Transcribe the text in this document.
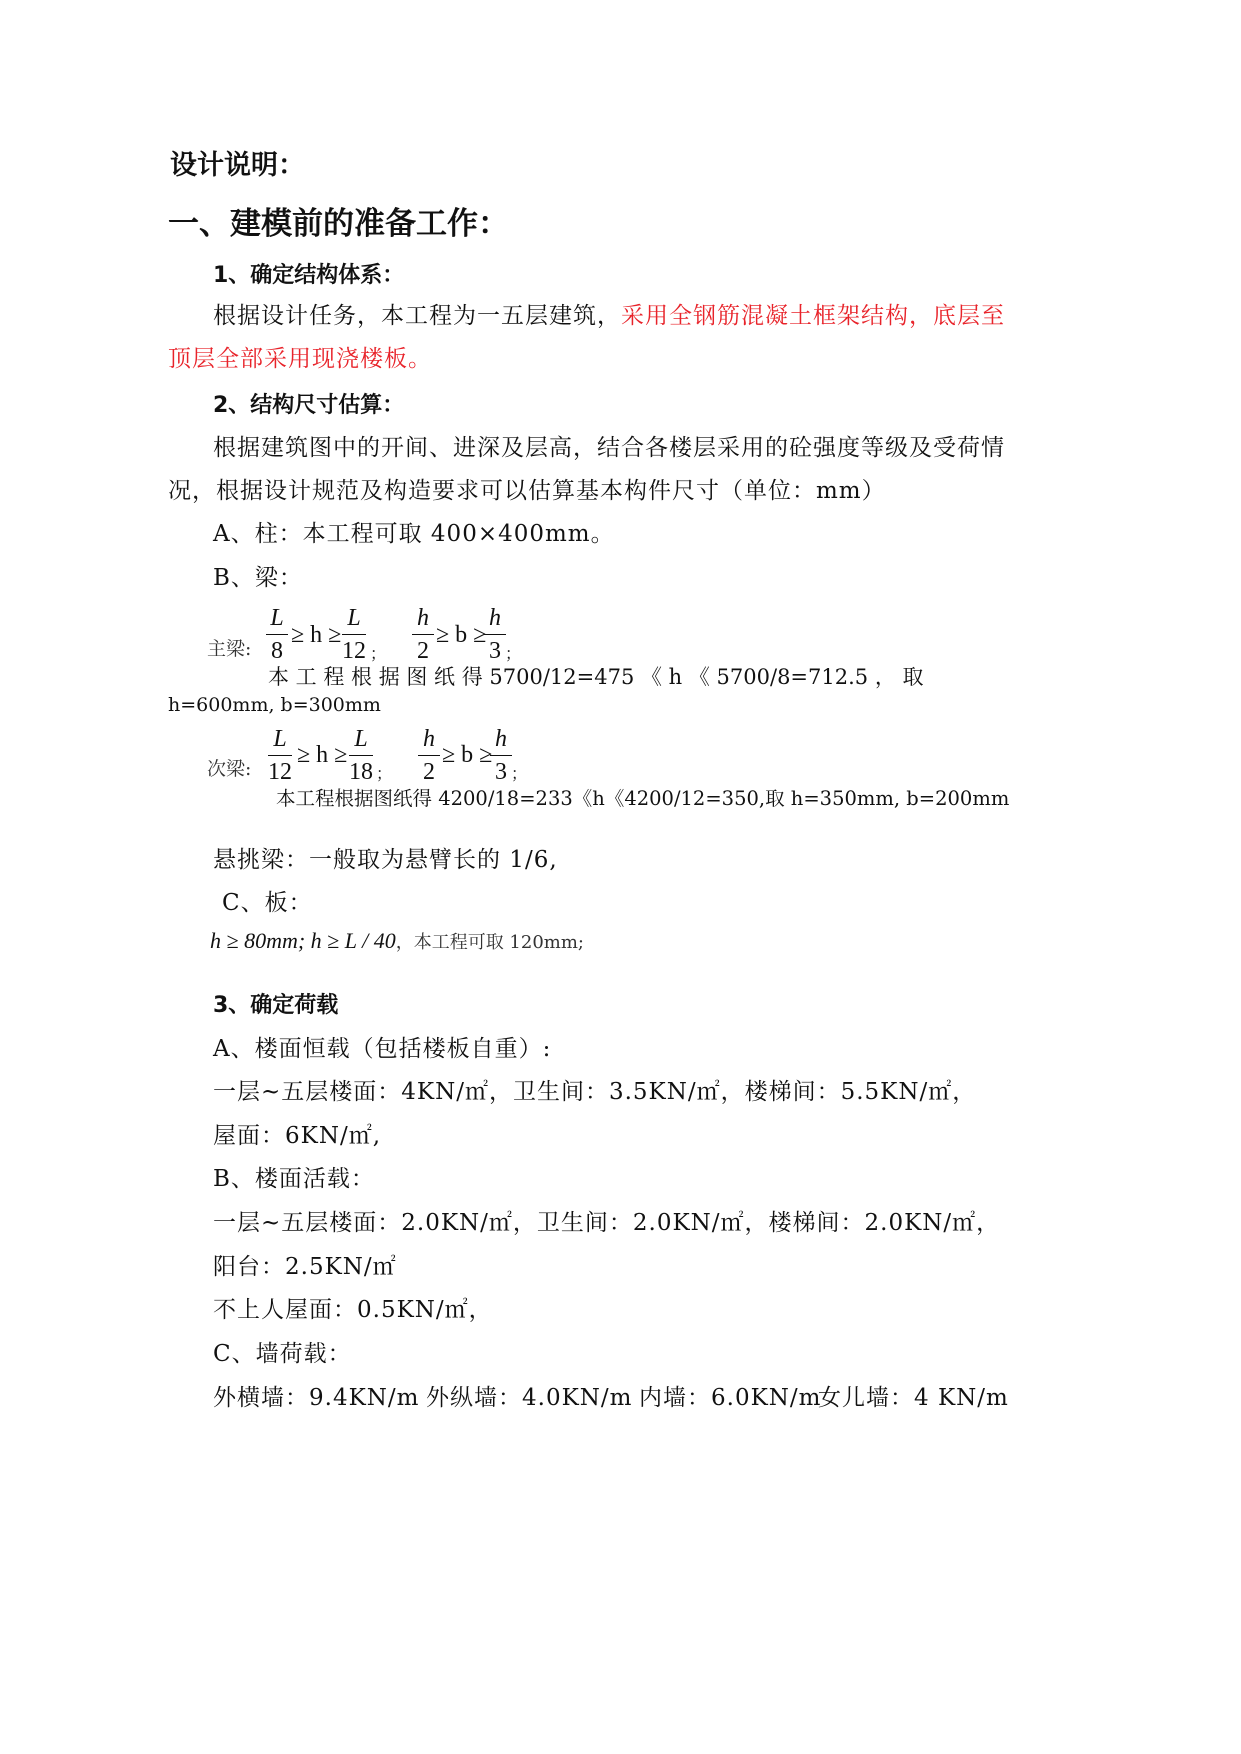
设计说明：
一、建模前的准备工作：
1、确定结构体系：
根据设计任务，本工程为一五层建筑，采用全钢筋混凝土框架结构，底层至
顶层全部采用现浇楼板。
2、结构尺寸估算：
根据建筑图中的开间、进深及层高，结合各楼层采用的砼强度等级及受荷情
况，根据设计规范及构造要求可以估算基本构件尺寸（单位：mm）
A、柱：本工程可取 400×400mm。
B、梁：
主梁: $\frac{L}{8} \ge h \ge \frac{L}{12}$ ； $\frac{h}{2} \ge b$ ≥
$\frac{h}{3}$ ；
本 工 程 根 据 图 纸 得 5700/12=475 《 h 《 5700/8=712.5 ， 取
h=600mm, b=300mm
次梁: $\frac{L}{12} \ge h \ge \frac{L}{18}$ ； $\frac{h}{2} \ge b$ ≥
$\frac{h}{3}$ ；
本工程根据图纸得 4200/18=233《h《4200/12=350,取 h=350mm, b=200mm
悬挑梁：一般取为悬臂长的 1/6,
C、板：
h ≥ 80mm; h ≥ L / 40，本工程可取 120mm;
3、确定荷载
A、楼面恒载（包括楼板自重）:
一层~五层楼面：4KN/㎡，卫生间：3.5KN/㎡，楼梯间：5.5KN/㎡，
屋面：6KN/㎡,
B、楼面活载：
一层~五层楼面：2.0KN/㎡，卫生间：2.0KN/㎡，楼梯间：2.0KN/㎡，
阳台：2.5KN/㎡
不上人屋面：0.5KN/㎡，
C、墙荷载：
外横墙：9.4KN/m 外纵墙：4.0KN/m 内墙：6.0KN/m
女儿墙：4 KN/m
